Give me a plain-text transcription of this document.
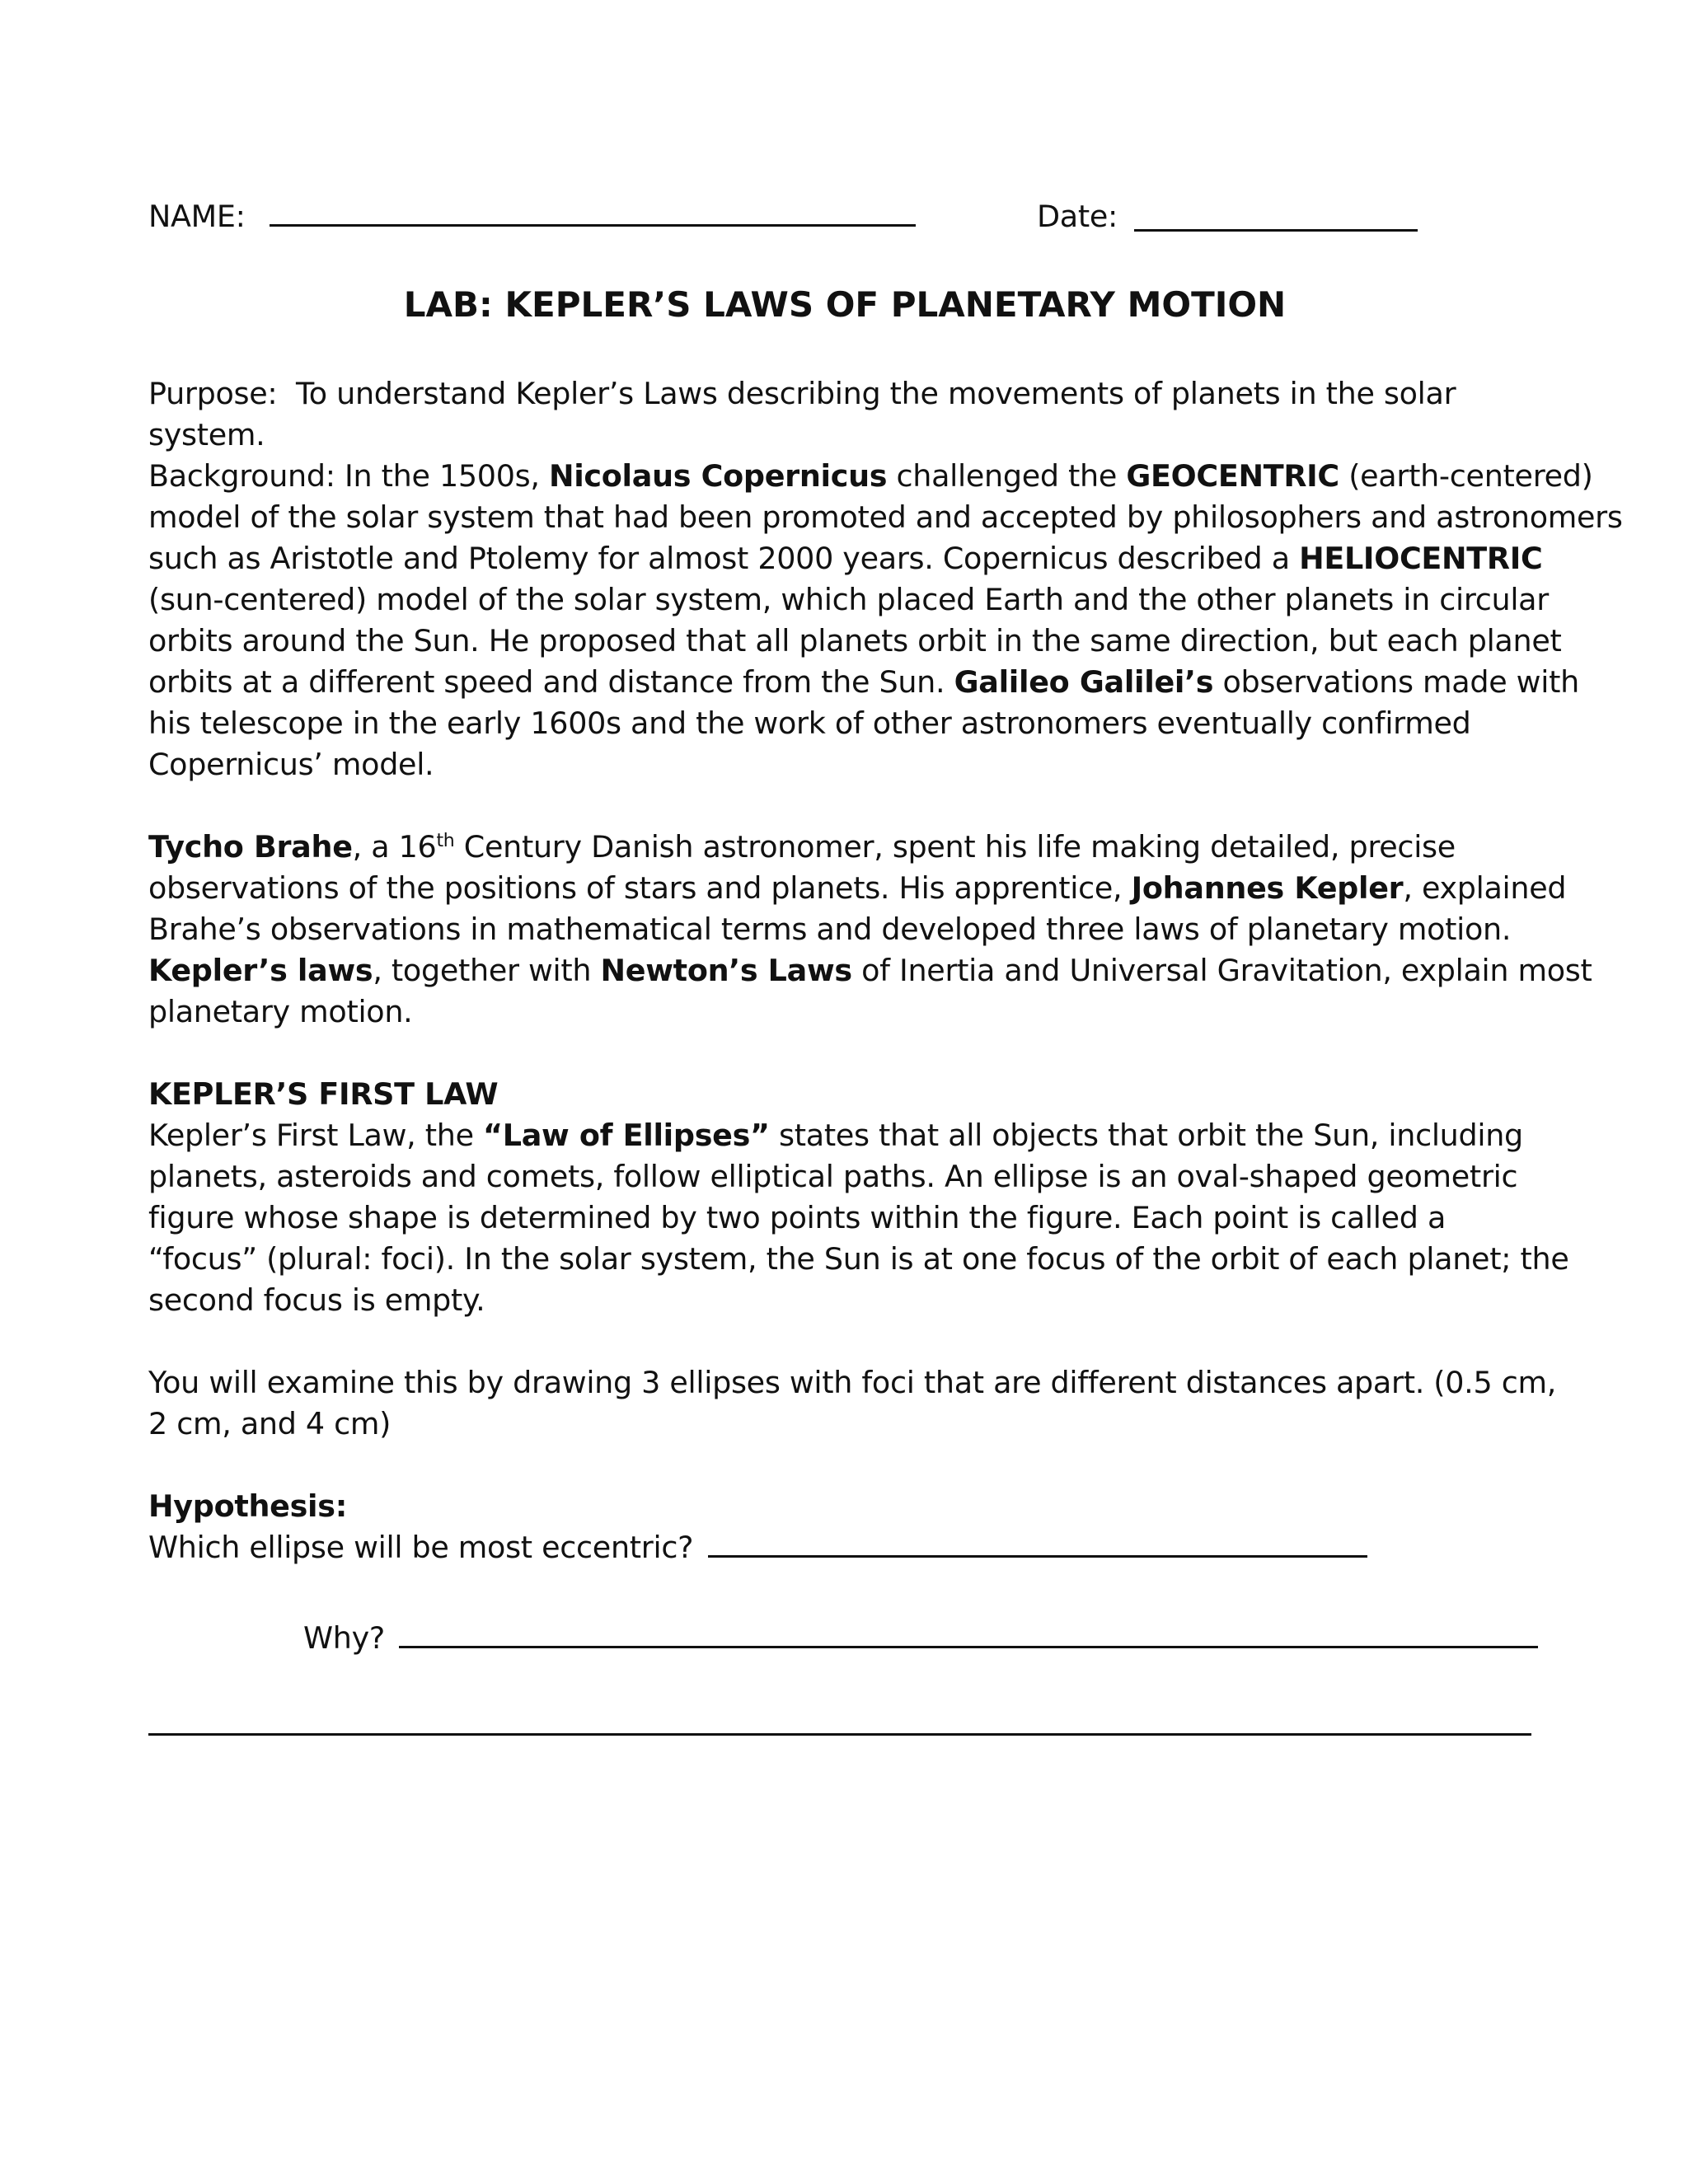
NAME:	Date:
LAB: KEPLER’S LAWS OF PLANETARY MOTION
Purpose: To understand Kepler’s Laws describing the movements of planets in the solar system.
Background: In the 1500s, Nicolaus Copernicus challenged the GEOCENTRIC (earth-centered)
model of the solar system that had been promoted and accepted by philosophers and astronomers
such as Aristotle and Ptolemy for almost 2000 years. Copernicus described a HELIOCENTRIC
(sun-centered) model of the solar system, which placed Earth and the other planets in circular
orbits around the Sun. He proposed that all planets orbit in the same direction, but each planet
orbits at a different speed and distance from the Sun. Galileo Galilei’s observations made with
his telescope in the early 1600s and the work of other astronomers eventually confirmed
Copernicus’ model.
Tycho Brahe, a 16th Century Danish astronomer, spent his life making detailed, precise
observations of the positions of stars and planets. His apprentice, Johannes Kepler, explained
Brahe’s observations in mathematical terms and developed three laws of planetary motion.
Kepler’s laws, together with Newton’s Laws of Inertia and Universal Gravitation, explain most
planetary motion.
KEPLER’S FIRST LAW
Kepler’s First Law, the “Law of Ellipses” states that all objects that orbit the Sun, including
planets, asteroids and comets, follow elliptical paths. An ellipse is an oval-shaped geometric
figure whose shape is determined by two points within the figure. Each point is called a
“focus” (plural: foci). In the solar system, the Sun is at one focus of the orbit of each planet; the
second focus is empty.
You will examine this by drawing 3 ellipses with foci that are different distances apart. (0.5 cm,
2 cm, and 4 cm)
Hypothesis:
Which ellipse will be most eccentric?
Why?
